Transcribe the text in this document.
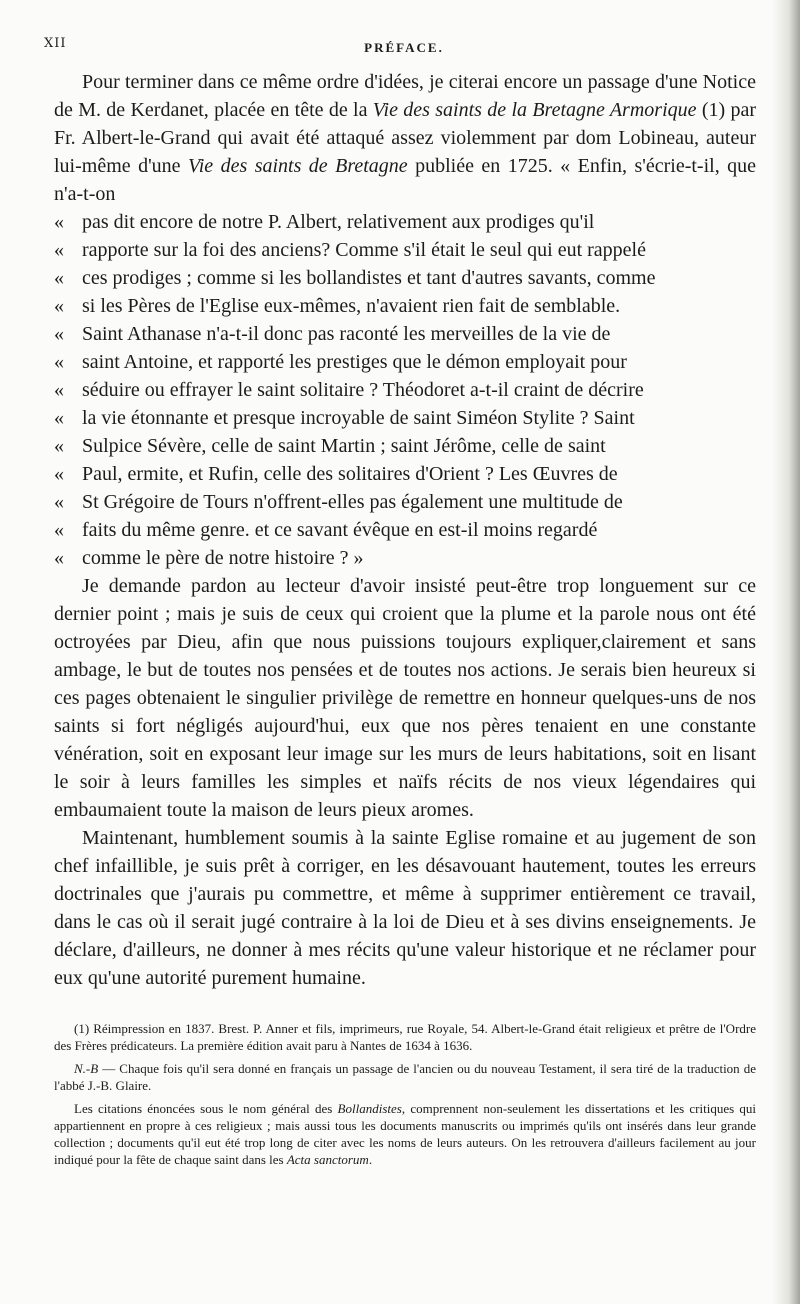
XII	PRÉFACE.

Pour terminer dans ce même ordre d'idées, je citerai encore un passage d'une Notice de M. de Kerdanet, placée en tête de la Vie des saints de la Bretagne Armorique (1) par Fr. Albert-le-Grand qui avait été attaqué assez violemment par dom Lobineau, auteur lui-même d'une Vie des saints de Bretagne publiée en 1725. « Enfin, s'écrie-t-il, que n'a-t-on

« pas dit encore de notre P. Albert, relativement aux prodiges qu'il
« rapporte sur la foi des anciens? Comme s'il était le seul qui eut rappelé
« ces prodiges ; comme si les bollandistes et tant d'autres savants, comme
« si les Pères de l'Eglise eux-mêmes, n'avaient rien fait de semblable.
« Saint Athanase n'a-t-il donc pas raconté les merveilles de la vie de
« saint Antoine, et rapporté les prestiges que le démon employait pour
« séduire ou effrayer le saint solitaire ? Théodoret a-t-il craint de décrire
« la vie étonnante et presque incroyable de saint Siméon Stylite ? Saint
« Sulpice Sévère, celle de saint Martin ; saint Jérôme, celle de saint
« Paul, ermite, et Rufin, celle des solitaires d'Orient ? Les Œuvres de
« St Grégoire de Tours n'offrent-elles pas également une multitude de
« faits du même genre. et ce savant évêque en est-il moins regardé
« comme le père de notre histoire ? »

Je demande pardon au lecteur d'avoir insisté peut-être trop longuement sur ce dernier point ; mais je suis de ceux qui croient que la plume et la parole nous ont été octroyées par Dieu, afin que nous puissions toujours expliquer,clairement et sans ambage, le but de toutes nos pensées et de toutes nos actions. Je serais bien heureux si ces pages obtenaient le singulier privilège de remettre en honneur quelques-uns de nos saints si fort négligés aujourd'hui, eux que nos pères tenaient en une constante vénération, soit en exposant leur image sur les murs de leurs habitations, soit en lisant le soir à leurs familles les simples et naïfs récits de nos vieux légendaires qui embaumaient toute la maison de leurs pieux aromes.

Maintenant, humblement soumis à la sainte Eglise romaine et au jugement de son chef infaillible, je suis prêt à corriger, en les désavouant hautement, toutes les erreurs doctrinales que j'aurais pu commettre, et même à supprimer entièrement ce travail, dans le cas où il serait jugé contraire à la loi de Dieu et à ses divins enseignements. Je déclare, d'ailleurs, ne donner à mes récits qu'une valeur historique et ne réclamer pour eux qu'une autorité purement humaine.

(1) Réimpression en 1837. Brest. P. Anner et fils, imprimeurs, rue Royale, 54. Albert-le-Grand était religieux et prêtre de l'Ordre des Frères prédicateurs. La première édition avait paru à Nantes de 1634 à 1636.

N.-B — Chaque fois qu'il sera donné en français un passage de l'ancien ou du nouveau Testament, il sera tiré de la traduction de l'abbé J.-B. Glaire.

Les citations énoncées sous le nom général des Bollandistes, comprennent non-seulement les dissertations et les critiques qui appartiennent en propre à ces religieux ; mais aussi tous les documents manuscrits ou imprimés qu'ils ont insérés dans leur grande collection ; documents qu'il eut été trop long de citer avec les noms de leurs auteurs. On les retrouvera d'ailleurs facilement au jour indiqué pour la fête de chaque saint dans les Acta sanctorum.
